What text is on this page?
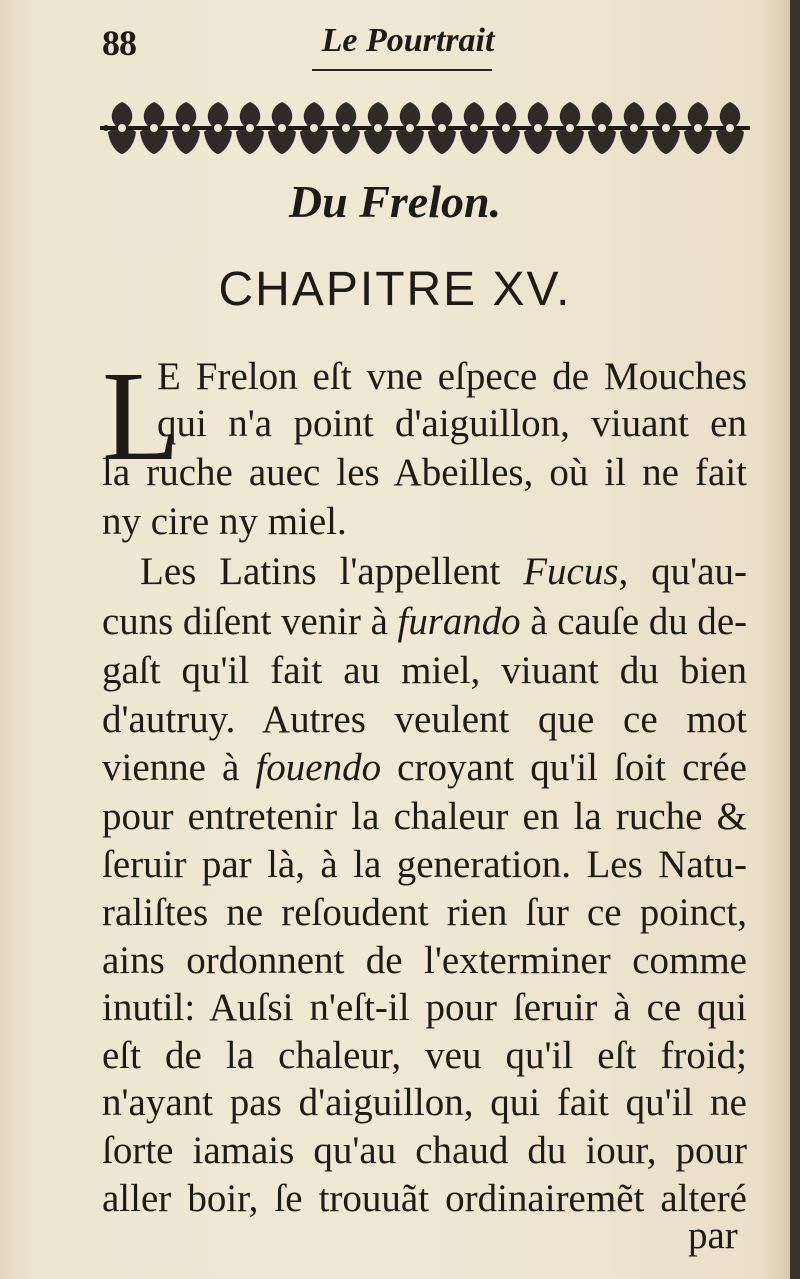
88	Le Pourtrait
Du Frelon.
CHAPITRE XV.
L
E Frelon eſt vne eſpece de Mouches
qui n'a point d'aiguillon, viuant en
la ruche auec les Abeilles, où il ne fait
ny cire ny miel.
Les Latins l'appellent Fucus, qu'au-
cuns diſent venir à furando à cauſe du de-
gaſt qu'il fait au miel, viuant du bien
d'autruy. Autres veulent que ce mot
vienne à fouendo croyant qu'il ſoit crée
pour entretenir la chaleur en la ruche &
ſeruir par là, à la generation. Les Natu-
raliſtes ne reſoudent rien ſur ce poinct,
ains ordonnent de l'exterminer comme
inutil: Auſsi n'eſt-il pour ſeruir à ce qui
eſt de la chaleur, veu qu'il eſt froid;
n'ayant pas d'aiguillon, qui fait qu'il ne
ſorte iamais qu'au chaud du iour, pour
aller boir, ſe trouuãt ordinairemẽt alteré
par
